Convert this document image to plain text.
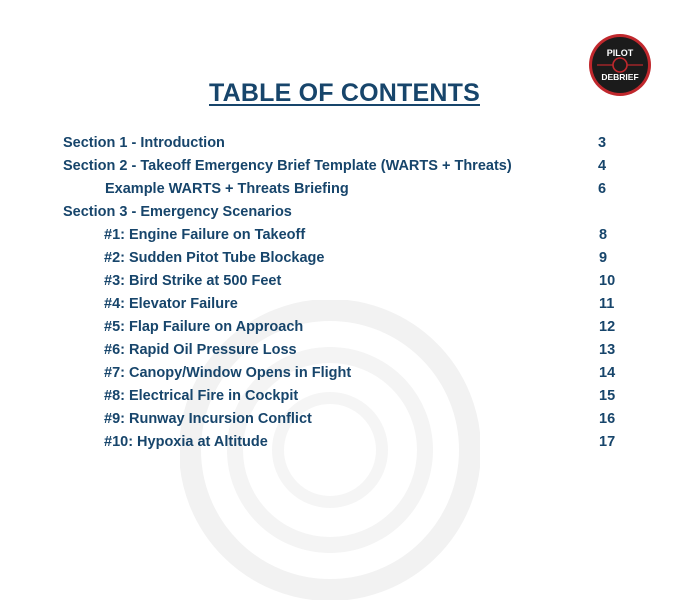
PILOT
DEBRIEF
TABLE OF CONTENTS
Section 1 - Introduction	3
Section 2 - Takeoff Emergency Brief Template (WARTS + Threats)	4
Example WARTS + Threats Briefing	6
Section 3 - Emergency Scenarios
#1: Engine Failure on Takeoff	8
#2: Sudden Pitot Tube Blockage	9
#3: Bird Strike at 500 Feet	10
#4: Elevator Failure	11
#5: Flap Failure on Approach	12
#6: Rapid Oil Pressure Loss	13
#7: Canopy/Window Opens in Flight	14
#8: Electrical Fire in Cockpit	15
#9: Runway Incursion Conflict	16
#10: Hypoxia at Altitude	17
